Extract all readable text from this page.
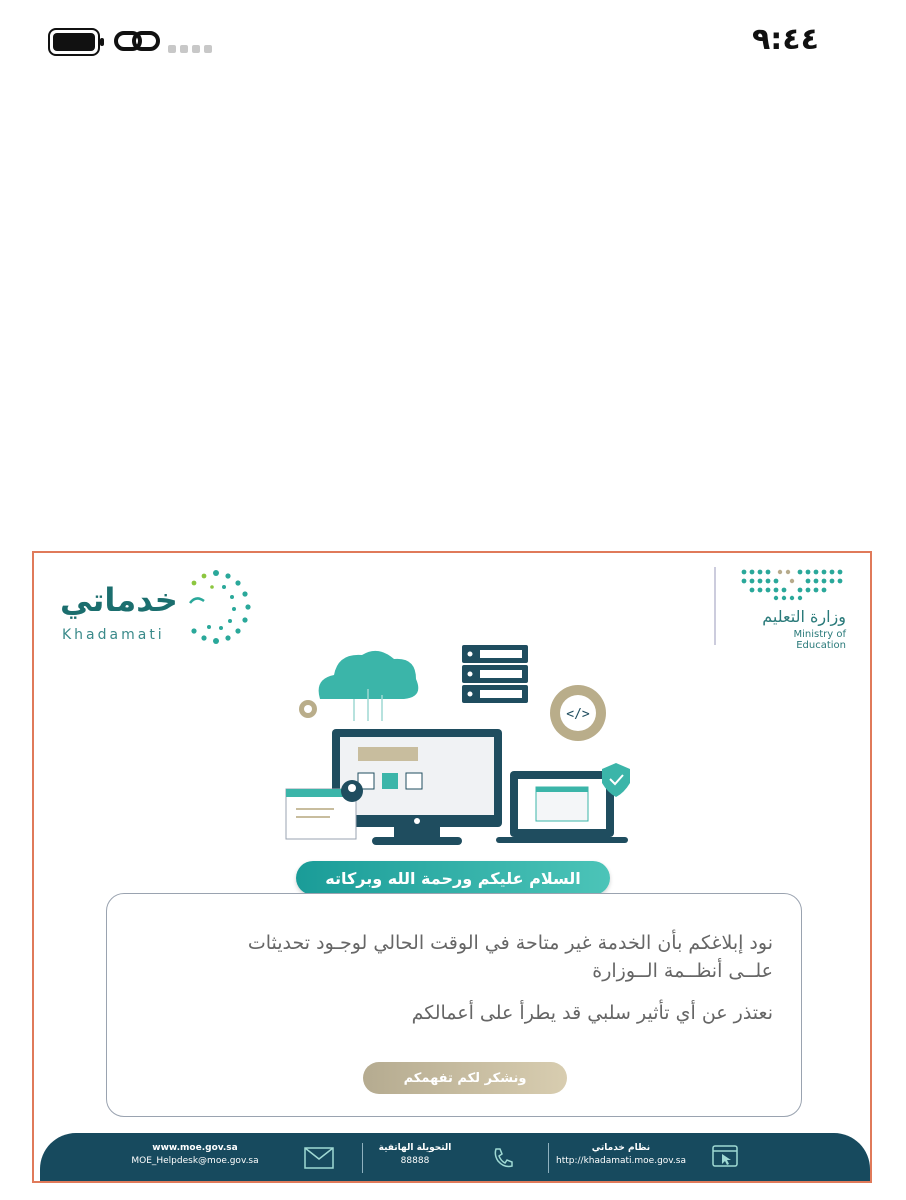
٩:٤٤
خدماتي
Khadamati
وزارة التعليم
Ministry of Education
</>
السلام عليكم ورحمة الله وبركاته
نود إبلاغكم بأن الخدمة غير متاحة في الوقت الحالي لوجـود تحديثات
علــى أنظــمة الــوزارة
نعتذر عن أي تأثير سلبي قد يطرأ على أعمالكم
ونشكر لكم تفهمكم
www.moe.gov.sa
MOE_Helpdesk@moe.gov.sa
التحويلة الهاتفية
88888
نظام خدماتي
http://khadamati.moe.gov.sa
